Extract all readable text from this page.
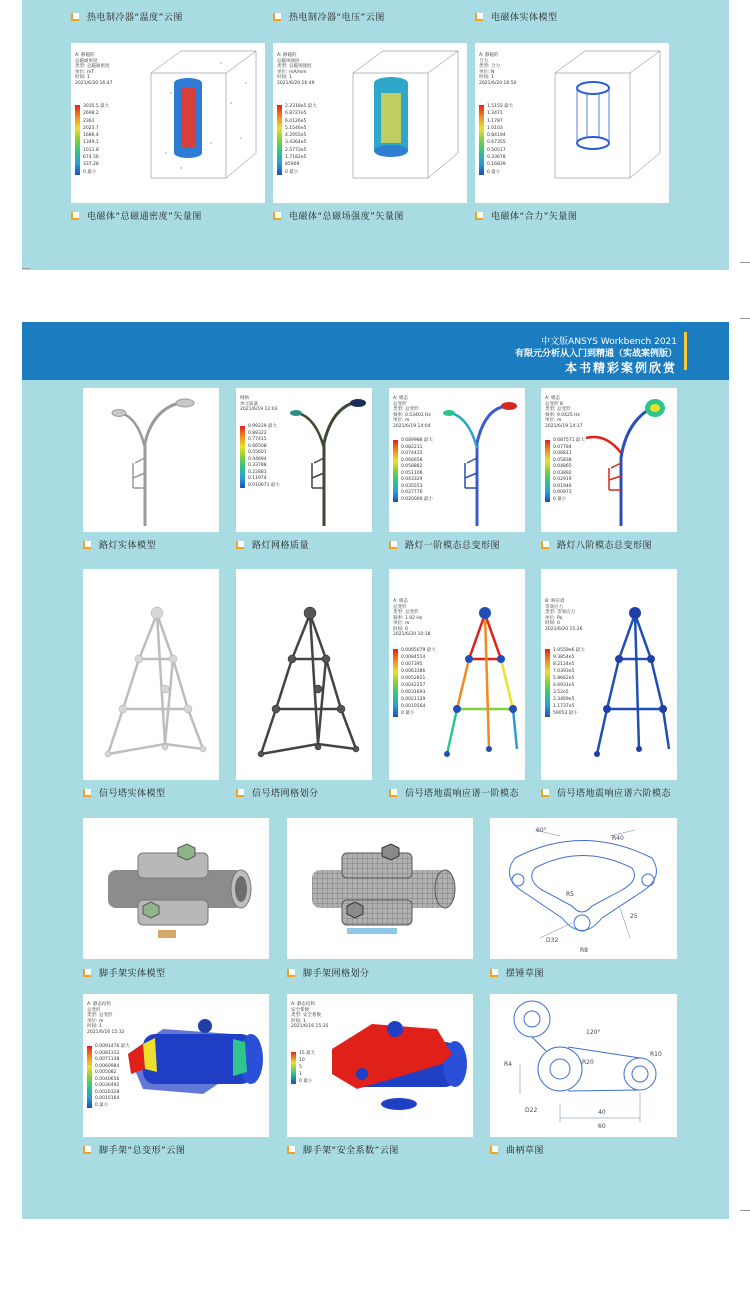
热电制冷器“温度”云图	热电制冷器“电压”云图	电磁体实体模型
A: 静磁的
总磁通密度
类型: 总磁通密度
单位: mT
时间: 1
2021/6/20 16:47
3035.5 最大
2698.2
2361
2023.7
1686.4
1349.1
1011.8
674.56
337.28
0 最小
A: 静磁的
总磁场强度
类型: 总磁场强度
单位: mA/mm
时间: 1
2021/6/20 16:49
2.2318e5 最大
6.8727e5
6.0126e5
5.1546e5
4.2955e5
3.4364e5
2.5773e5
1.7182e5
85909
0 最小
A: 静磁的
合力
类型: 合力
单位: N
时间: 1
2021/6/20 16:50
1.5155 最大
1.3471
1.1787
1.0103
0.84194
0.67355
0.50517
0.33678
0.16839
0 最小
电磁体“总磁通密度”矢量图	电磁体“总磁场强度”矢量图	电磁体“合力”矢量图
中文版ANSYS Workbench 2021
有限元分析从入门到精通（实战案例版）
本书精彩案例欣赏
网格
单元质量
2021/6/19 12:03
0.99229 最大
0.88322
0.77415
0.66508
0.55601
0.44694
0.33788
0.22881
0.11974
0.010671 最小
A: 模态
总变形
类型: 总变形
频率: 0.53403 Hz
单位: m
2021/6/19 14:04
0.089988 最大
0.082211
0.074435
0.066658
0.058882
0.051106
0.043329
0.035553
0.027776
0.020000 最小
A: 模态
总变形 8
类型: 总变形
频率: 9.0425 Hz
单位: m
2021/6/19 14:17
0.087571 最大
0.07784
0.06811
0.05838
0.04865
0.03892
0.02919
0.01946
0.00973
0 最小
路灯实体模型	路灯网格质量	路灯一阶模态总变形图	路灯八阶模态总变形图
A: 模态
总变形
类型: 总变形
频率: 1.92 Hz
单位: m
时间: 0
2021/6/20 10:18
0.0095079 最大
0.0084514
0.007395
0.0063386
0.0052821
0.0042257
0.0031693
0.0021129
0.0010564
0 最小
B: 响应谱
等效应力
类型: 等效应力
单位: Pa
时间: 0
2021/6/20 15:26
1.0559e6 最大
9.3854e5
8.2124e5
7.0393e5
5.8662e5
4.6931e5
3.52e5
2.3469e5
1.1737e5
59053 最小
信号塔实体模型	信号塔网格划分	信号塔地震响应谱一阶模态	信号塔地震响应谱六阶模态
60°
R40
R5
25
D32
R8
脚手架实体模型	脚手架网格划分	摆锤草图
A: 静态结构
总变形
类型: 总变形
单位: m
时间: 1
2021/6/16 15:32
0.0091476 最大
0.0081312
0.0071148
0.0060984
0.005082
0.0040656
0.0030492
0.0020328
0.0010164
0 最小
A: 静态结构
安全系数
类型: 安全系数
时间: 1
2021/6/16 15:35
15 最大
10
5
1
0 最小
120°
R10
R20
40
60
D22
R4
脚手架“总变形”云图	脚手架“安全系数”云图	曲柄草图
